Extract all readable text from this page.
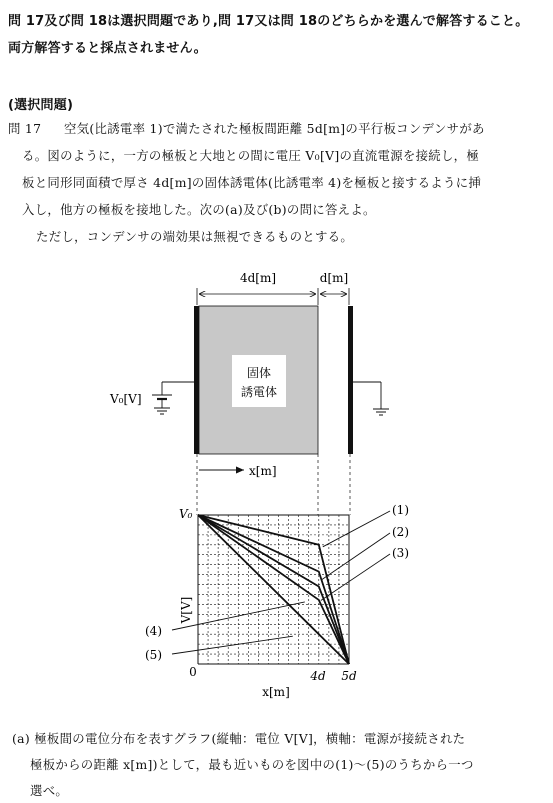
問 17及び問 18は選択問題であり,問 17又は問 18のどちらかを選んで解答すること。
両方解答すると採点されません。
(選択問題)
問 17 空気(比誘電率 1)で満たされた極板間距離 5d[m]の平行板コンデンサがあ
る。図のように，一方の極板と大地との間に電圧 V₀[V]の直流電源を接続し，極
板と同形同面積で厚さ 4d[m]の固体誘電体(比誘電率 4)を極板と接するように挿
入し，他方の極板を接地した。次の(a)及び(b)の問に答えよ。
ただし，コンデンサの端効果は無視できるものとする。
4d[m]	d[m]
固体
誘電体
V₀[V]
x[m]
V₀
V[V]
0	4d 5d
x[m]
(1)
(2)
(3)
(4)
(5)
(a) 極板間の電位分布を表すグラフ(縦軸：電位 V[V]，横軸：電源が接続された
極板からの距離 x[m])として，最も近いものを図中の(1)～(5)のうちから一つ
選べ。
